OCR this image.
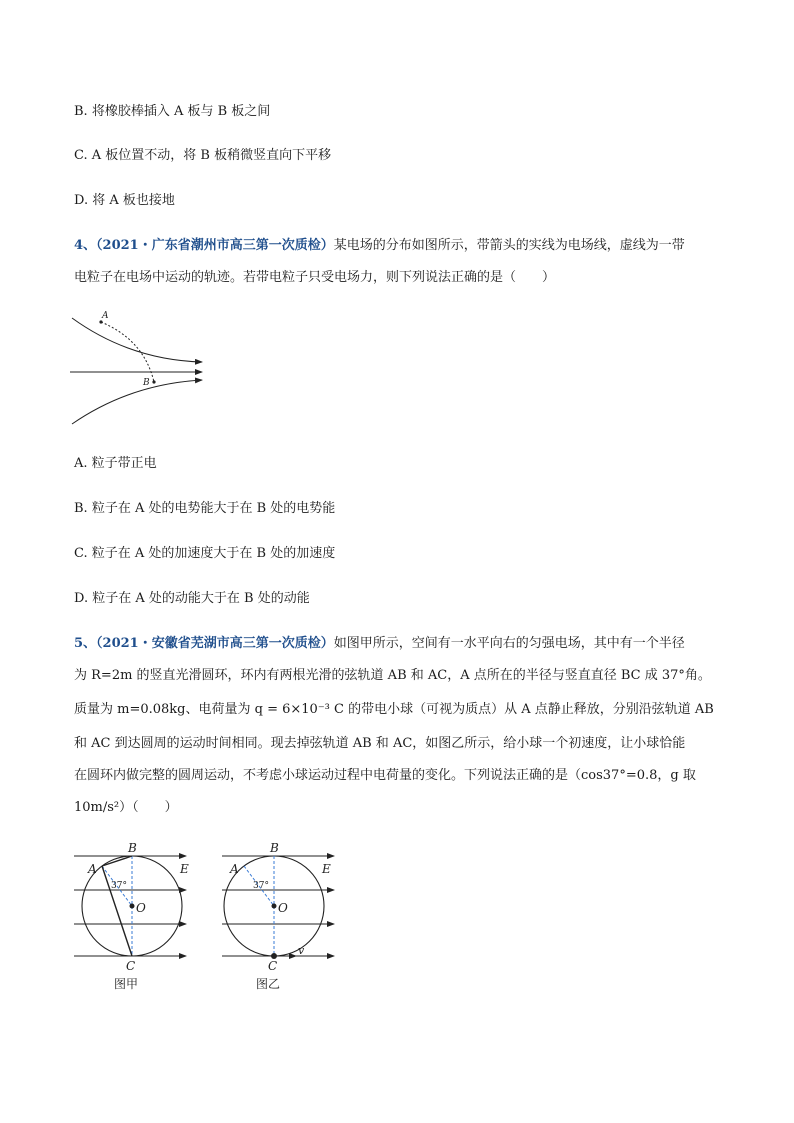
B. 将橡胶棒插入 A 板与 B 板之间
C. A 板位置不动，将 B 板稍微竖直向下平移
D. 将 A 板也接地
4、（2021・广东省潮州市高三第一次质检）某电场的分布如图所示，带箭头的实线为电场线，虚线为一带
电粒子在电场中运动的轨迹。若带电粒子只受电场力，则下列说法正确的是（　　）
A
B
A. 粒子带正电
B. 粒子在 A 处的电势能大于在 B 处的电势能
C. 粒子在 A 处的加速度大于在 B 处的加速度
D. 粒子在 A 处的动能大于在 B 处的动能
5、（2021・安徽省芜湖市高三第一次质检）如图甲所示，空间有一水平向右的匀强电场，其中有一个半径
为 R=2m 的竖直光滑圆环，环内有两根光滑的弦轨道 AB 和 AC，A 点所在的半径与竖直直径 BC 成 37°角。
质量为 m=0.08kg、电荷量为 q = 6×10⁻³ C 的带电小球（可视为质点）从 A 点静止释放，分别沿弦轨道 AB
和 AC 到达圆周的运动时间相同。现去掉弦轨道 AB 和 AC，如图乙所示，给小球一个初速度，让小球恰能
在圆环内做完整的圆周运动，不考虑小球运动过程中电荷量的变化。下列说法正确的是（cos37°=0.8，g 取
10m/s²）（　　）
B
A	E
37°
O
C
图甲
B
A	E
37°
O
v
C
图乙
